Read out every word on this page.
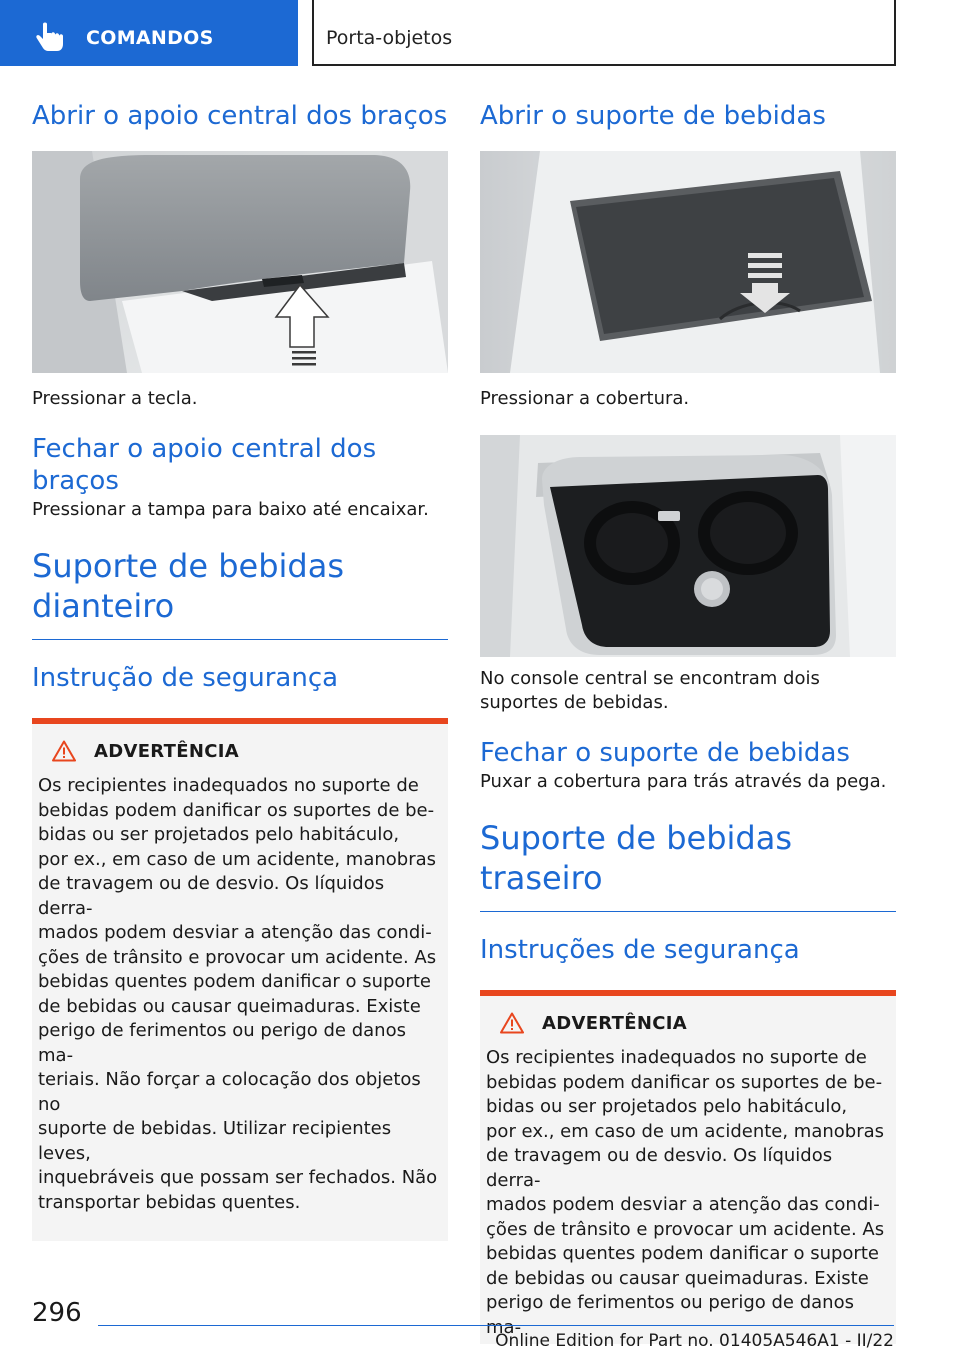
COMANDOS	Porta-objetos
Abrir o apoio central dos braços

Pressionar a tecla.

Fechar o apoio central dos braços

Pressionar a tampa para baixo até encaixar.

Suporte de bebidas dianteiro
Instrução de segurança
ADVERTÊNCIA
Os recipientes inadequados no suporte de
bebidas podem danificar os suportes de be‐
bidas ou ser projetados pelo habitáculo,
por ex., em caso de um acidente, manobras
de travagem ou de desvio. Os líquidos derra‐
mados podem desviar a atenção das condi‐
ções de trânsito e provocar um acidente. As
bebidas quentes podem danificar o suporte
de bebidas ou causar queimaduras. Existe
perigo de ferimentos ou perigo de danos ma‐
teriais. Não forçar a colocação dos objetos no
suporte de bebidas. Utilizar recipientes leves,
inquebráveis que possam ser fechados. Não
transportar bebidas quentes.
Abrir o suporte de bebidas

Pressionar a cobertura.

No console central se encontram dois suportes de bebidas.

Fechar o suporte de bebidas

Puxar a cobertura para trás através da pega.

Suporte de bebidas traseiro
Instruções de segurança
ADVERTÊNCIA
Os recipientes inadequados no suporte de
bebidas podem danificar os suportes de be‐
bidas ou ser projetados pelo habitáculo,
por ex., em caso de um acidente, manobras
de travagem ou de desvio. Os líquidos derra‐
mados podem desviar a atenção das condi‐
ções de trânsito e provocar um acidente. As
bebidas quentes podem danificar o suporte
de bebidas ou causar queimaduras. Existe
perigo de ferimentos ou perigo de danos ma‐
296
Online Edition for Part no. 01405A546A1 - II/22
